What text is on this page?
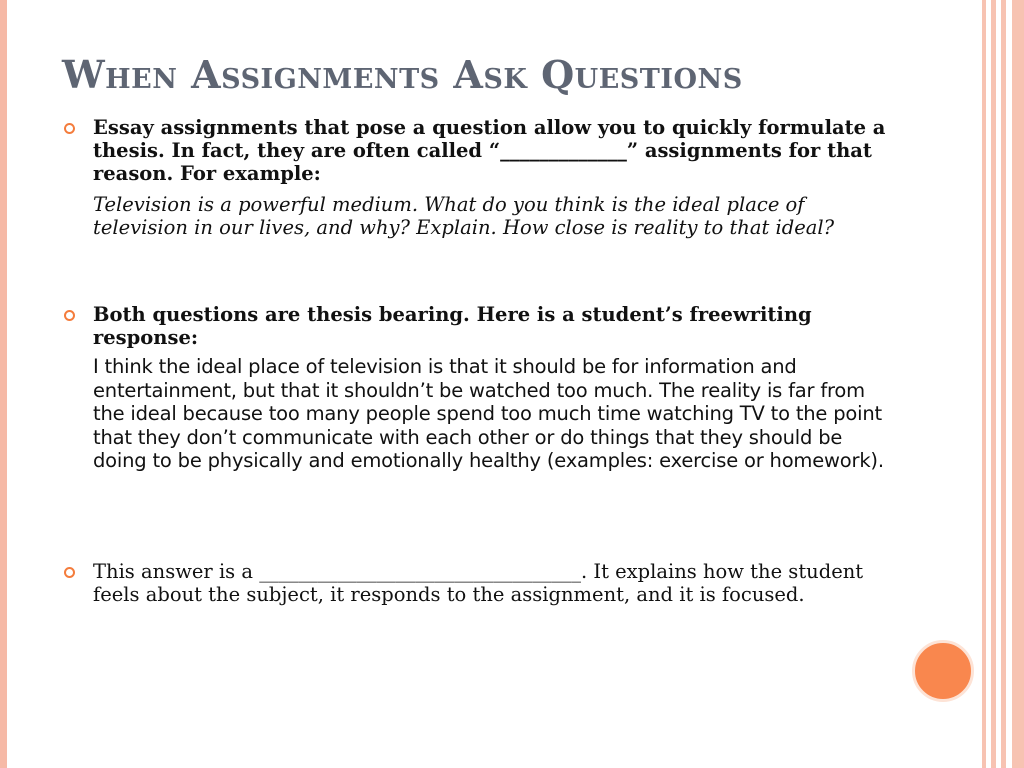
When Assignments Ask Questions

Essay assignments that pose a question allow you to quickly formulate a thesis. In fact, they are often called “_____________” assignments for that reason. For example:

Television is a powerful medium. What do you think is the ideal place of television in our lives, and why? Explain. How close is reality to that ideal?

Both questions are thesis bearing. Here is a student’s freewriting response:

I think the ideal place of television is that it should be for information and entertainment, but that it shouldn’t be watched too much. The reality is far from the ideal because too many people spend too much time watching TV to the point that they don’t communicate with each other or do things that they should be doing to be physically and emotionally healthy (examples: exercise or homework).

This answer is a _________________________________. It explains how the student feels about the subject, it responds to the assignment, and it is focused.
